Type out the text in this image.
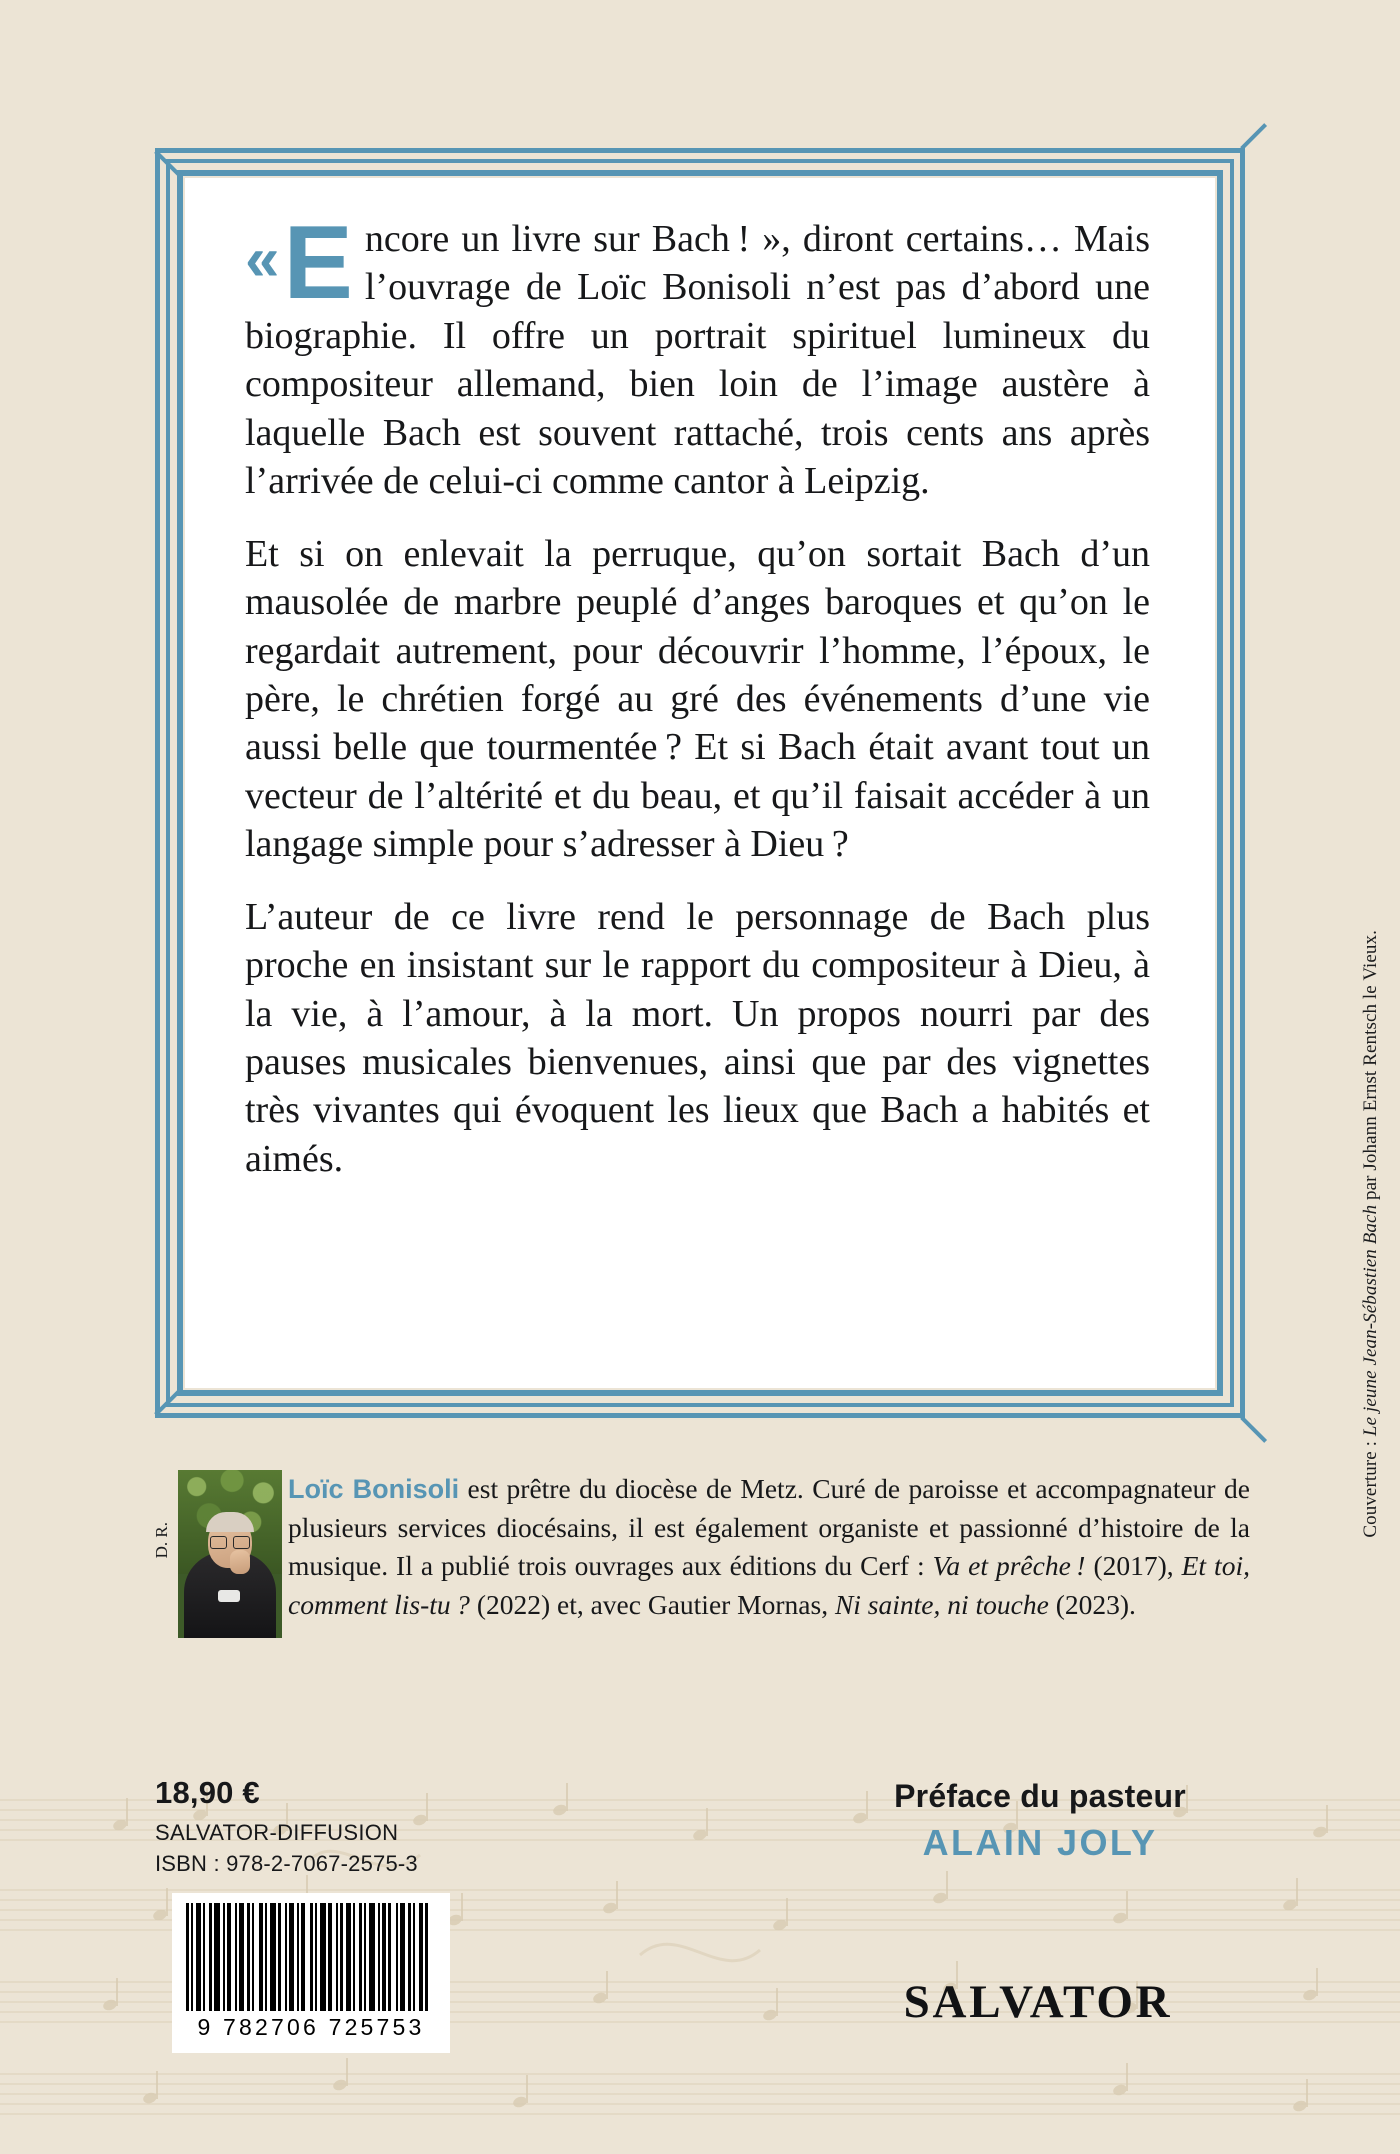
« E ncore un livre sur Bach ! », diront certains… Mais l’ouvrage de Loïc Bonisoli n’est pas d’abord une biographie. Il offre un portrait spirituel lumineux du compositeur allemand, bien loin de l’image austère à laquelle Bach est souvent rattaché, trois cents ans après l’arrivée de celui-ci comme cantor à Leipzig.

Et si on enlevait la perruque, qu’on sortait Bach d’un mausolée de marbre peuplé d’anges baroques et qu’on le regardait autrement, pour découvrir l’homme, l’époux, le père, le chrétien forgé au gré des événements d’une vie aussi belle que tourmentée ? Et si Bach était avant tout un vecteur de l’altérité et du beau, et qu’il faisait accéder à un langage simple pour s’adresser à Dieu ?

L’auteur de ce livre rend le personnage de Bach plus proche en insistant sur le rapport du compositeur à Dieu, à la vie, à l’amour, à la mort. Un propos nourri par des pauses musicales bienvenues, ainsi que par des vignettes très vivantes qui évoquent les lieux que Bach a habités et aimés.

Couverture : Le jeune Jean-Sébastien Bach par Johann Ernst Rentsch le Vieux.
D. R.
Loïc Bonisoli est prêtre du diocèse de Metz. Curé de paroisse et accompagnateur de plusieurs services diocésains, il est également organiste et passionné d’histoire de la musique. Il a publié trois ouvrages aux éditions du Cerf : Va et prêche ! (2017), Et toi, comment lis-tu ? (2022) et, avec Gautier Mornas, Ni sainte, ni touche (2023).
18,90 €
SALVATOR-DIFFUSION
ISBN : 978-2-7067-2575-3
9 782706 725753
Préface du pasteur
ALAIN JOLY
SALVATOR
